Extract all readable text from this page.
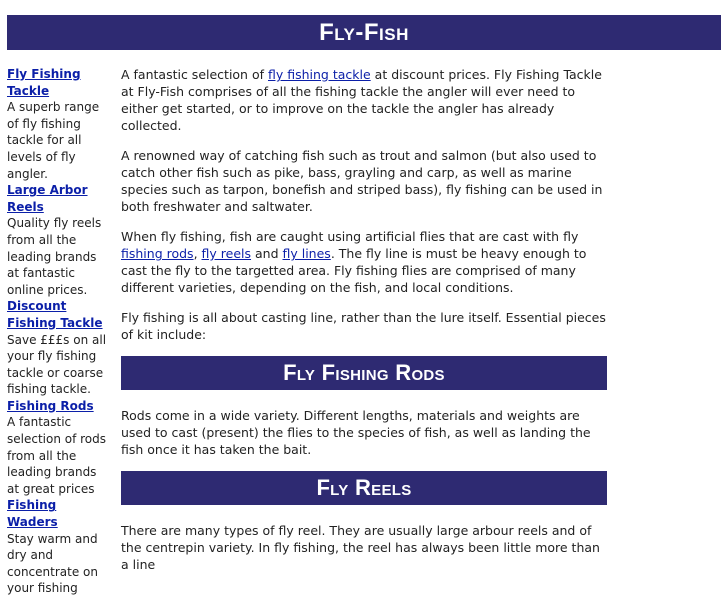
Fly-Fish
Fly Fishing Tackle
A superb range of fly fishing tackle for all levels of fly angler.
Large Arbor Reels
Quality fly reels from all the leading brands at fantastic online prices.
Discount Fishing Tackle
Save £££s on all your fly fishing tackle or coarse fishing tackle.
Fishing Rods
A fantastic selection of rods from all the leading brands at great prices
Fishing Waders
Stay warm and dry and concentrate on your fishing

A fantastic selection of fly fishing tackle at discount prices. Fly Fishing Tackle at Fly-Fish comprises of all the fishing tackle the angler will ever need to either get started, or to improve on the tackle the angler has already collected.

A renowned way of catching fish such as trout and salmon (but also used to catch other fish such as pike, bass, grayling and carp, as well as marine species such as tarpon, bonefish and striped bass), fly fishing can be used in both freshwater and saltwater.

When fly fishing, fish are caught using artificial flies that are cast with fly fishing rods, fly reels and fly lines. The fly line is must be heavy enough to cast the fly to the targetted area. Fly fishing flies are comprised of many different varieties, depending on the fish, and local conditions.

Fly fishing is all about casting line, rather than the lure itself. Essential pieces of kit include:

Fly Fishing Rods

Rods come in a wide variety. Different lengths, materials and weights are used to cast (present) the flies to the species of fish, as well as landing the fish once it has taken the bait.

Fly Reels

There are many types of fly reel. They are usually large arbour reels and of the centrepin variety. In fly fishing, the reel has always been little more than a line
